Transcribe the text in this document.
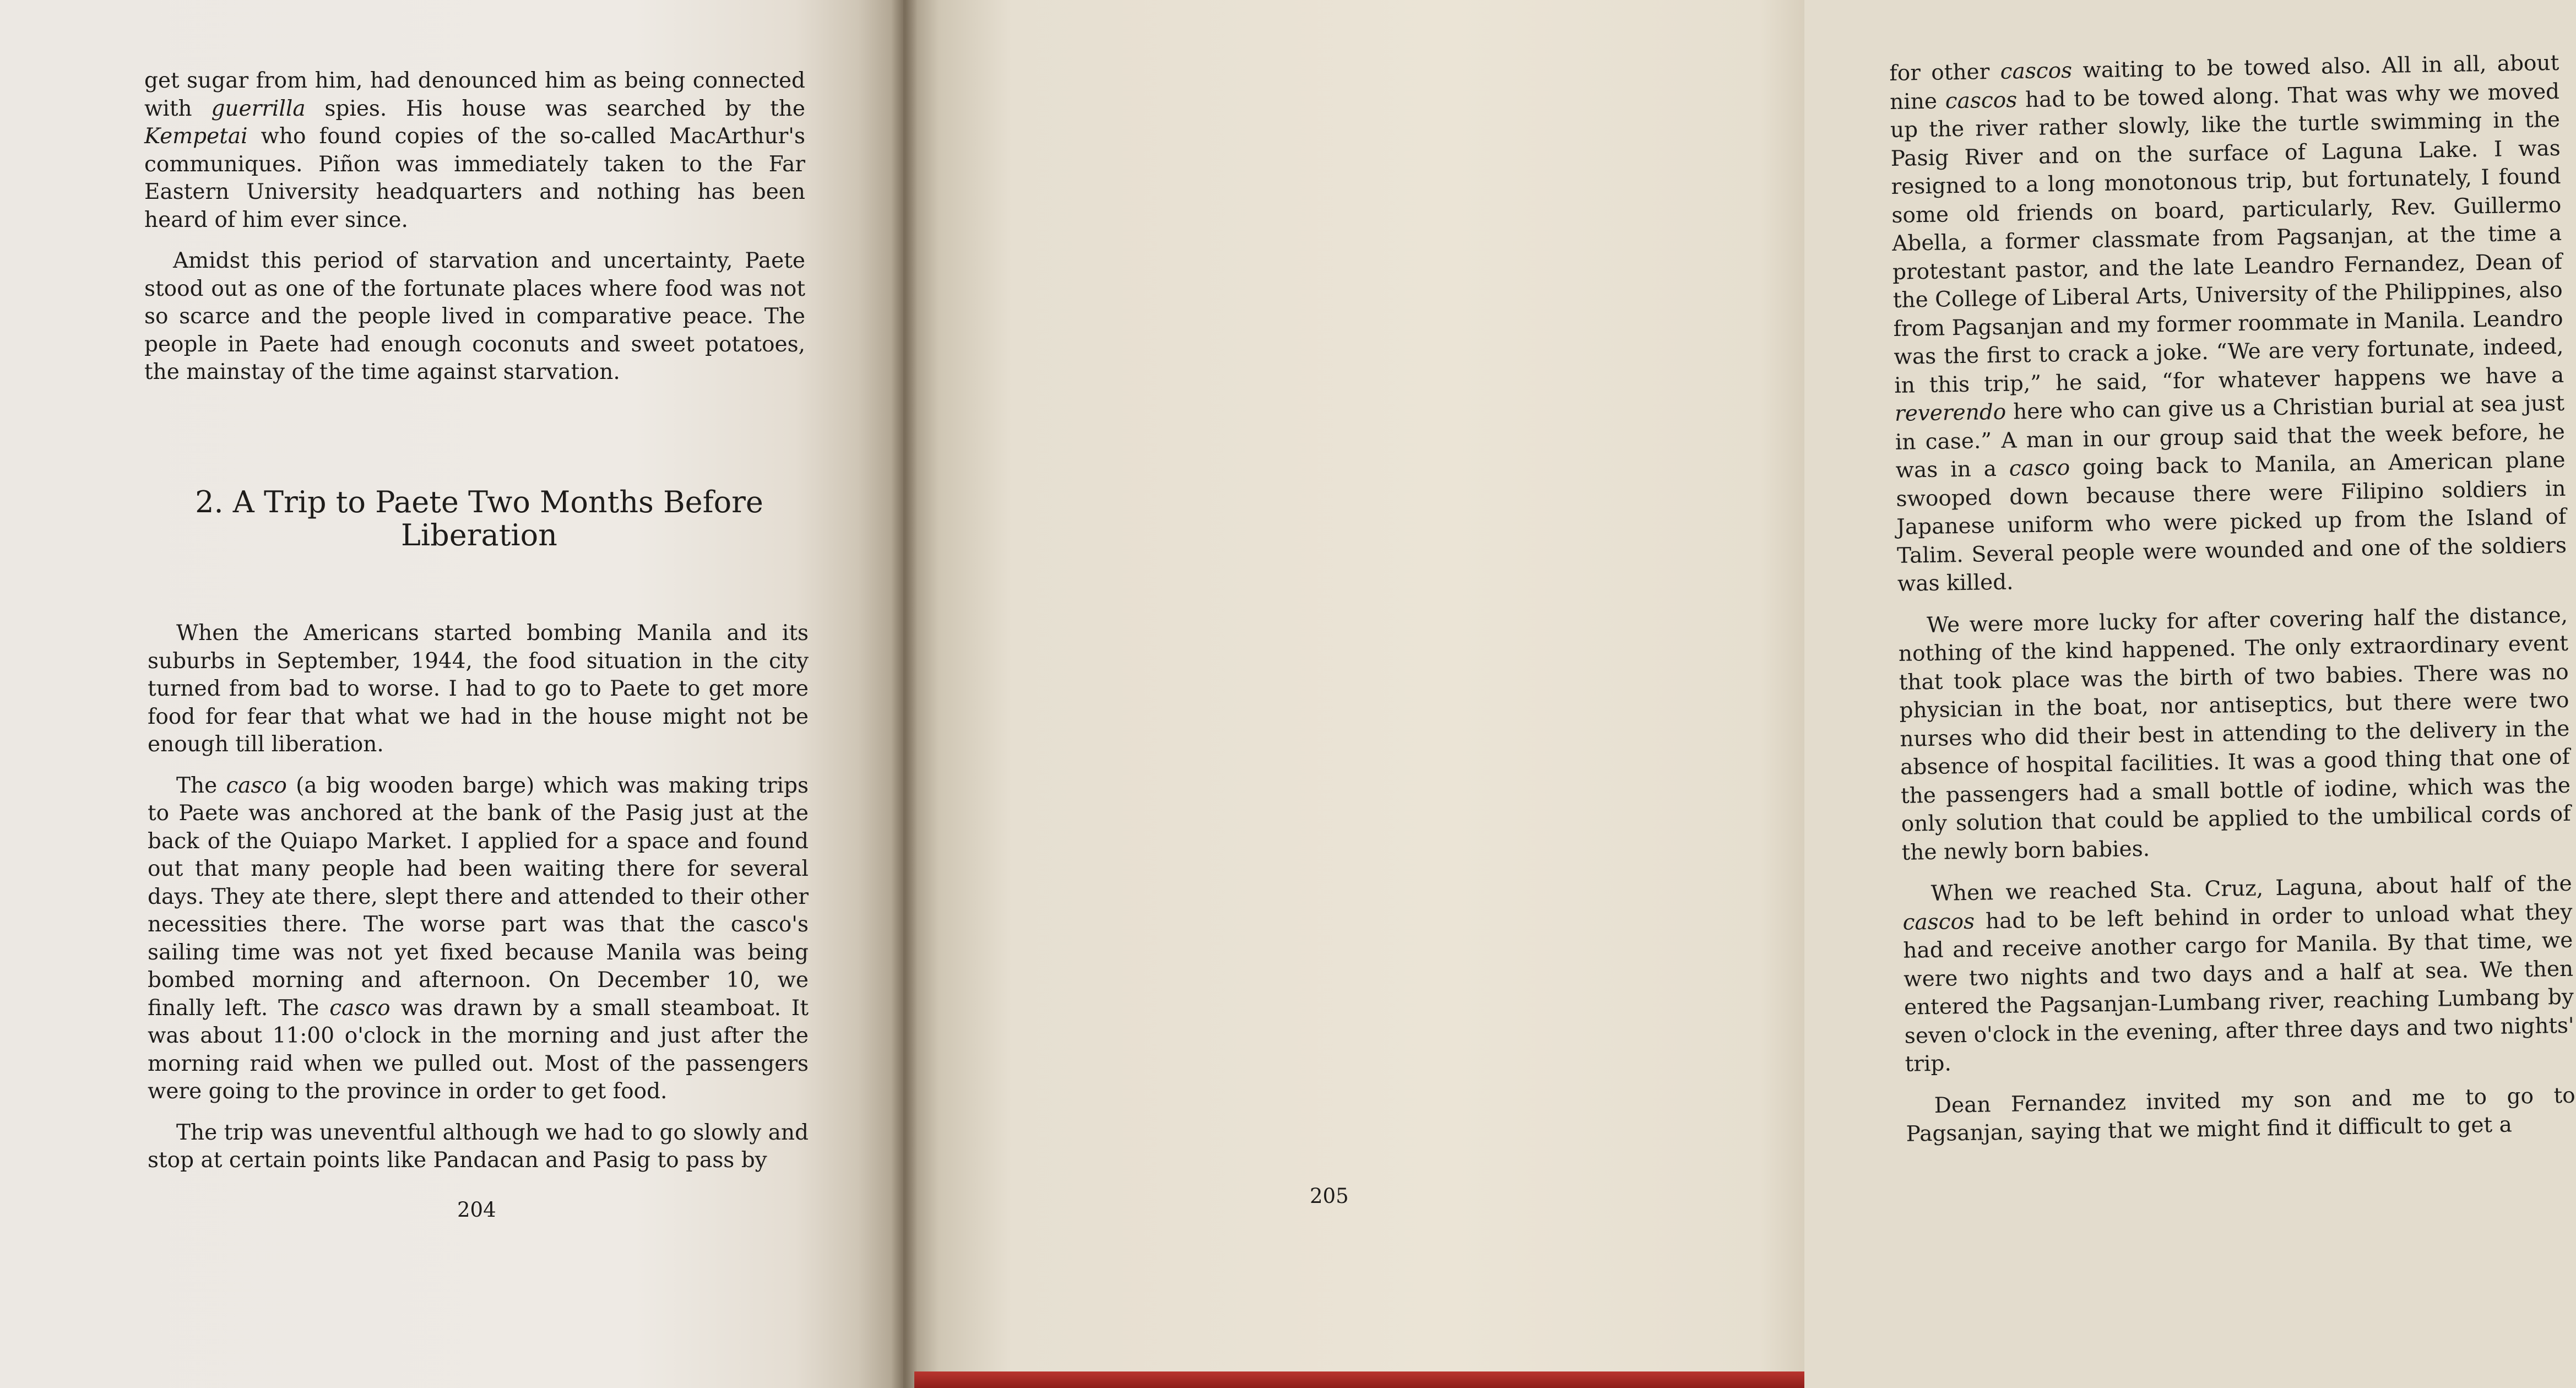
get sugar from him, had denounced him as being connected with guerrilla spies. His house was searched by the Kempetai who found copies of the so-called MacArthur's communiques. Piñon was immediately taken to the Far Eastern University headquarters and nothing has been heard of him ever since.

Amidst this period of starvation and uncertainty, Paete stood out as one of the fortunate places where food was not so scarce and the people lived in comparative peace. The people in Paete had enough coconuts and sweet potatoes, the mainstay of the time against starvation.

2. A Trip to Paete Two Months Before
Liberation

When the Americans started bombing Manila and its suburbs in September, 1944, the food situation in the city turned from bad to worse. I had to go to Paete to get more food for fear that what we had in the house might not be enough till liberation.

The casco (a big wooden barge) which was making trips to Paete was anchored at the bank of the Pasig just at the back of the Quiapo Market. I applied for a space and found out that many people had been waiting there for several days. They ate there, slept there and attended to their other necessities there. The worse part was that the casco's sailing time was not yet fixed because Manila was being bombed morning and afternoon. On December 10, we finally left. The casco was drawn by a small steamboat. It was about 11:00 o'clock in the morning and just after the morning raid when we pulled out. Most of the passengers were going to the province in order to get food.

The trip was uneventful although we had to go slowly and stop at certain points like Pandacan and Pasig to pass by

204

for other cascos waiting to be towed also. All in all, about nine cascos had to be towed along. That was why we moved up the river rather slowly, like the turtle swimming in the Pasig River and on the surface of Laguna Lake. I was resigned to a long monotonous trip, but fortunately, I found some old friends on board, particularly, Rev. Guillermo Abella, a former classmate from Pagsanjan, at the time a protestant pastor, and the late Leandro Fernandez, Dean of the College of Liberal Arts, University of the Philippines, also from Pagsanjan and my former roommate in Manila. Leandro was the first to crack a joke. “We are very fortunate, indeed, in this trip,” he said, “for whatever happens we have a reverendo here who can give us a Christian burial at sea just in case.” A man in our group said that the week before, he was in a casco going back to Manila, an American plane swooped down because there were Filipino soldiers in Japanese uniform who were picked up from the Island of Talim. Several people were wounded and one of the soldiers was killed.

We were more lucky for after covering half the distance, nothing of the kind happened. The only extraordinary event that took place was the birth of two babies. There was no physician in the boat, nor antiseptics, but there were two nurses who did their best in attending to the delivery in the absence of hospital facilities. It was a good thing that one of the passengers had a small bottle of iodine, which was the only solution that could be applied to the umbilical cords of the newly born babies.

When we reached Sta. Cruz, Laguna, about half of the cascos had to be left behind in order to unload what they had and receive another cargo for Manila. By that time, we were two nights and two days and a half at sea. We then entered the Pagsanjan-Lumbang river, reaching Lumbang by seven o'clock in the evening, after three days and two nights' trip.

Dean Fernandez invited my son and me to go to Pagsanjan, saying that we might find it difficult to get a

205
